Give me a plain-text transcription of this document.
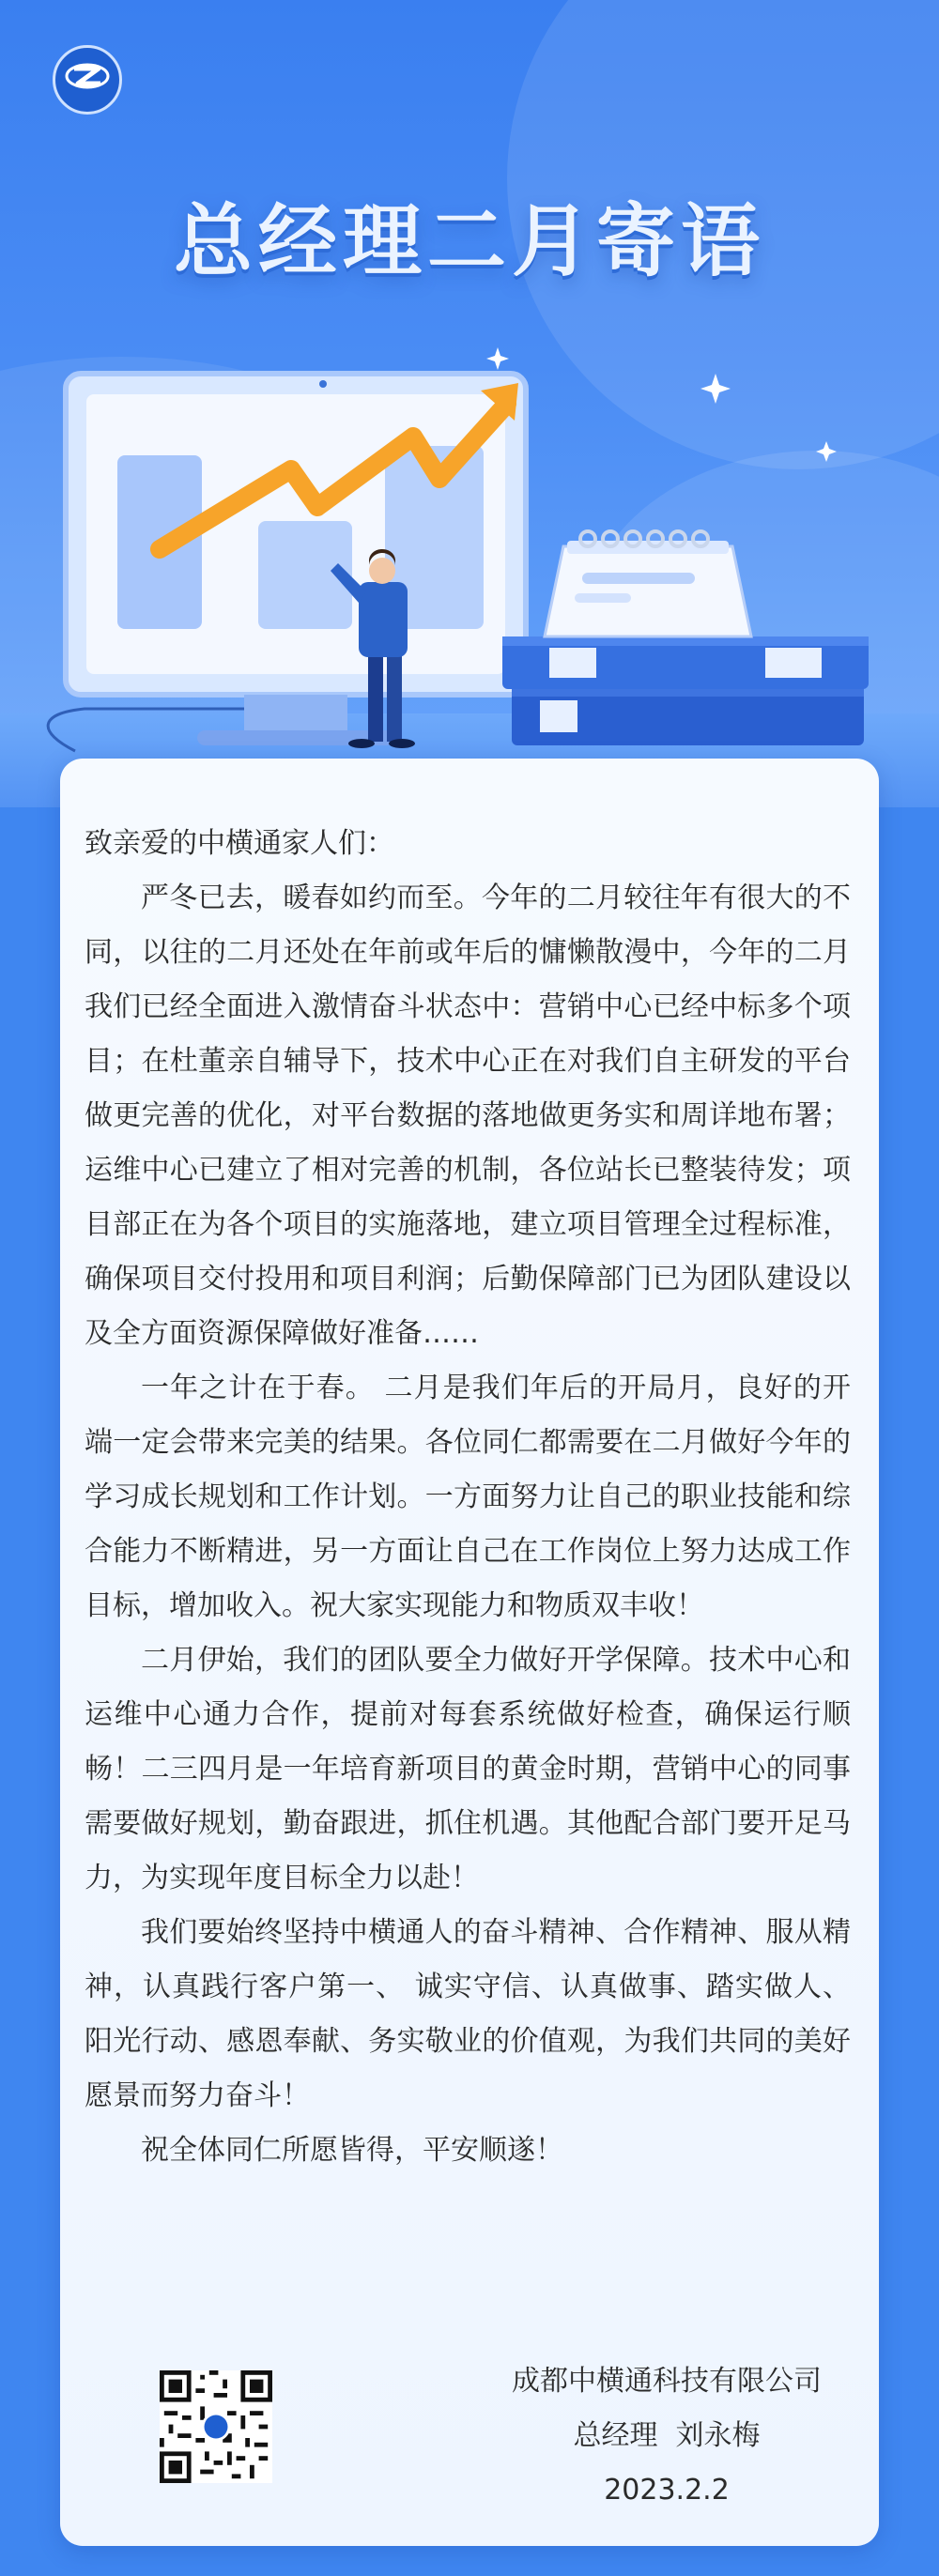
总经理二月寄语

致亲爱的中横通家人们：

严冬已去，暖春如约而至。今年的二月较往年有很大的不同，以往的二月还处在年前或年后的慵懒散漫中，今年的二月我们已经全面进入激情奋斗状态中：营销中心已经中标多个项目；在杜董亲自辅导下，技术中心正在对我们自主研发的平台做更完善的优化，对平台数据的落地做更务实和周详地布署；运维中心已建立了相对完善的机制，各位站长已整装待发；项目部正在为各个项目的实施落地，建立项目管理全过程标准，确保项目交付投用和项目利润；后勤保障部门已为团队建设以及全方面资源保障做好准备……

一年之计在于春。 二月是我们年后的开局月，良好的开端一定会带来完美的结果。各位同仁都需要在二月做好今年的学习成长规划和工作计划。一方面努力让自己的职业技能和综合能力不断精进，另一方面让自己在工作岗位上努力达成工作目标，增加收入。祝大家实现能力和物质双丰收！

二月伊始，我们的团队要全力做好开学保障。技术中心和运维中心通力合作，提前对每套系统做好检查，确保运行顺畅！二三四月是一年培育新项目的黄金时期，营销中心的同事需要做好规划，勤奋跟进，抓住机遇。其他配合部门要开足马力，为实现年度目标全力以赴！

我们要始终坚持中横通人的奋斗精神、合作精神、服从精神，认真践行客户第一、 诚实守信、认真做事、踏实做人、阳光行动、感恩奉献、务实敬业的价值观，为我们共同的美好愿景而努力奋斗！

祝全体同仁所愿皆得，平安顺遂！

成都中横通科技有限公司
总经理  刘永梅
2023.2.2
